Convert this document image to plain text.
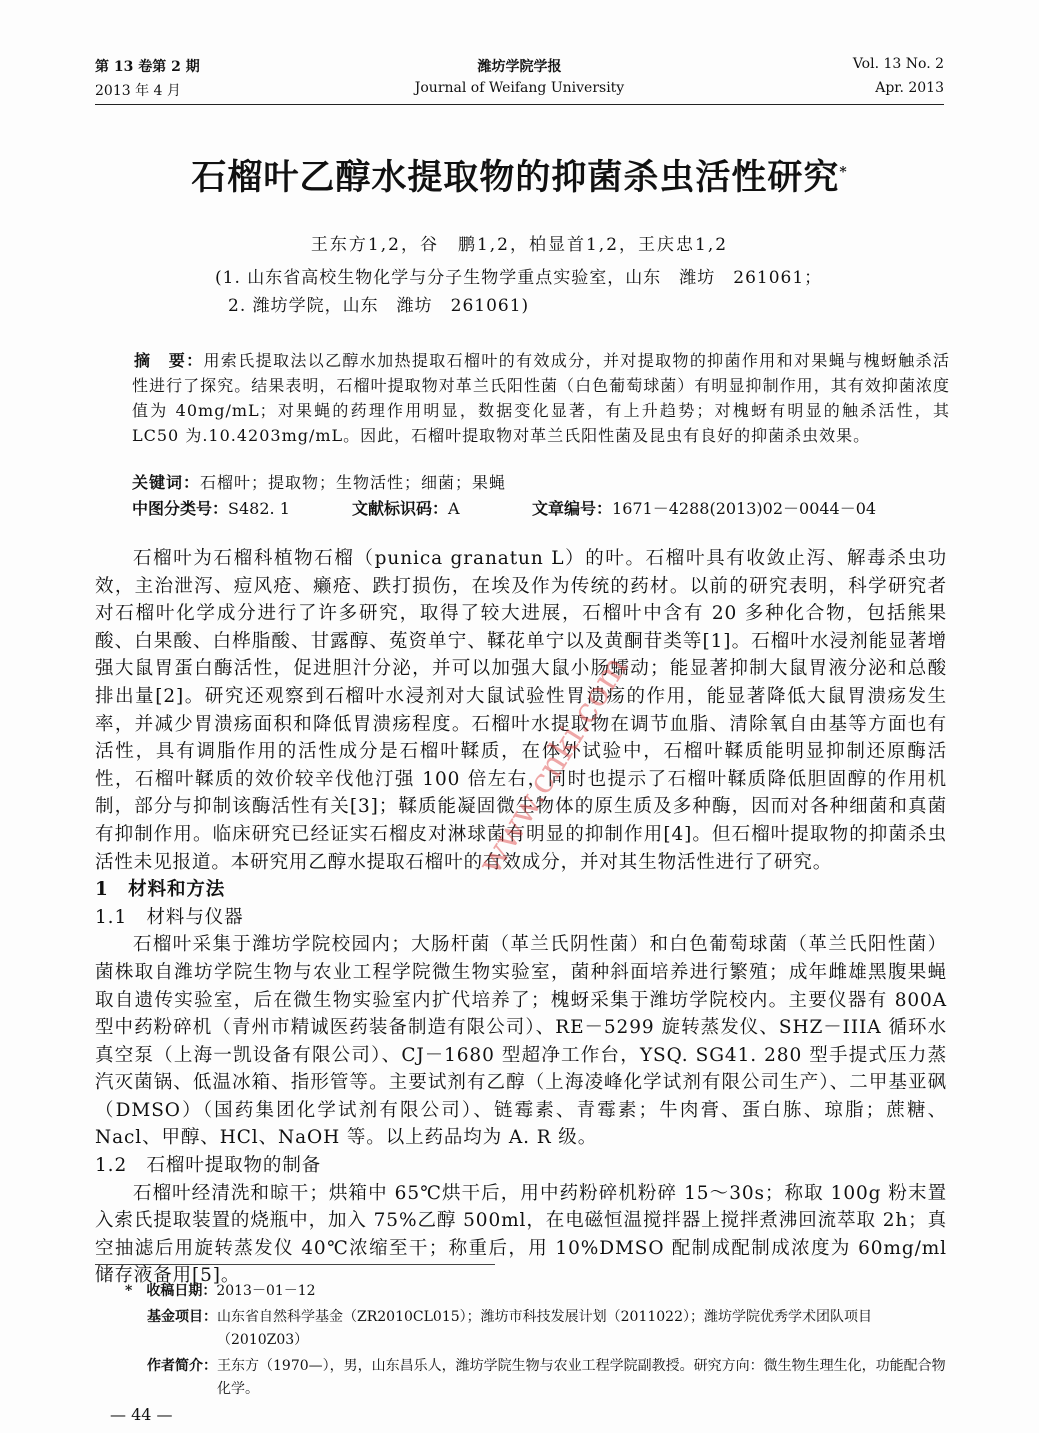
第 13 卷第 2 期
2013 年 4 月
潍坊学院学报
Journal of Weifang University
Vol. 13 No. 2
Apr. 2013
石榴叶乙醇水提取物的抑菌杀虫活性研究*
王东方1,2，谷　鹏1,2，柏显首1,2，王庆忠1,2
(1. 山东省高校生物化学与分子生物学重点实验室，山东　潍坊　261061；
2. 潍坊学院，山东　潍坊　261061)
摘　要：用索氏提取法以乙醇水加热提取石榴叶的有效成分，并对提取物的抑菌作用和对果蝇与槐蚜触杀活性进行了探究。结果表明，石榴叶提取物对革兰氏阳性菌（白色葡萄球菌）有明显抑制作用，其有效抑菌浓度值为 40mg/mL；对果蝇的药理作用明显，数据变化显著，有上升趋势；对槐蚜有明显的触杀活性，其 LC50 为.10.4203mg/mL。因此，石榴叶提取物对革兰氏阳性菌及昆虫有良好的抑菌杀虫效果。
关键词：石榴叶；提取物；生物活性；细菌；果蝇
中图分类号：S482. 1	文献标识码：A	文章编号：1671－4288(2013)02－0044－04

石榴叶为石榴科植物石榴（punica granatun L）的叶。石榴叶具有收敛止泻、解毒杀虫功效，主治泄泻、痘风疮、癞疮、跌打损伤，在埃及作为传统的药材。以前的研究表明，科学研究者对石榴叶化学成分进行了许多研究，取得了较大进展，石榴叶中含有 20 多种化合物，包括熊果酸、白果酸、白桦脂酸、甘露醇、菟资单宁、鞣花单宁以及黄酮苷类等[1]。石榴叶水浸剂能显著增强大鼠胃蛋白酶活性，促进胆汁分泌，并可以加强大鼠小肠蠕动；能显著抑制大鼠胃液分泌和总酸排出量[2]。研究还观察到石榴叶水浸剂对大鼠试验性胃溃疡的作用，能显著降低大鼠胃溃疡发生率，并减少胃溃疡面积和降低胃溃疡程度。石榴叶水提取物在调节血脂、清除氧自由基等方面也有活性，具有调脂作用的活性成分是石榴叶鞣质，在体外试验中，石榴叶鞣质能明显抑制还原酶活性，石榴叶鞣质的效价较辛伐他汀强 100 倍左右，同时也提示了石榴叶鞣质降低胆固醇的作用机制，部分与抑制该酶活性有关[3]；鞣质能凝固微生物体的原生质及多种酶，因而对各种细菌和真菌有抑制作用。临床研究已经证实石榴皮对淋球菌有明显的抑制作用[4]。但石榴叶提取物的抑菌杀虫活性未见报道。本研究用乙醇水提取石榴叶的有效成分，并对其生物活性进行了研究。

1　材料和方法
1.1　材料与仪器

石榴叶采集于潍坊学院校园内；大肠杆菌（革兰氏阴性菌）和白色葡萄球菌（革兰氏阳性菌）菌株取自潍坊学院生物与农业工程学院微生物实验室，菌种斜面培养进行繁殖；成年雌雄黑腹果蝇取自遗传实验室，后在微生物实验室内扩代培养了；槐蚜采集于潍坊学院校内。主要仪器有 800A 型中药粉碎机（青州市精诚医药装备制造有限公司）、RE－5299 旋转蒸发仪、SHZ－IIIA 循环水真空泵（上海一凯设备有限公司）、CJ－1680 型超净工作台，YSQ. SG41. 280 型手提式压力蒸汽灭菌锅、低温冰箱、指形管等。主要试剂有乙醇（上海凌峰化学试剂有限公司生产）、二甲基亚砜（DMSO）（国药集团化学试剂有限公司）、链霉素、青霉素；牛肉膏、蛋白胨、琼脂；蔗糖、Nacl、甲醇、HCl、NaOH 等。以上药品均为 A. R 级。

1.2　石榴叶提取物的制备

石榴叶经清洗和晾干；烘箱中 65℃烘干后，用中药粉碎机粉碎 15～30s；称取 100g 粉末置入索氏提取装置的烧瓶中，加入 75%乙醇 500ml，在电磁恒温搅拌器上搅拌煮沸回流萃取 2h；真空抽滤后用旋转蒸发仪 40℃浓缩至干；称重后，用 10%DMSO 配制成配制成浓度为 60mg/ml 储存液备用[5]。

www.cnki.com
*　收稿日期：2013－01－12
基金项目：山东省自然科学基金（ZR2010CL015）；潍坊市科技发展计划（2011022）；潍坊学院优秀学术团队项目（2010Z03）
作者简介：王东方（1970—），男，山东昌乐人，潍坊学院生物与农业工程学院副教授。研究方向：微生物生理生化，功能配合物化学。
— 44 —
